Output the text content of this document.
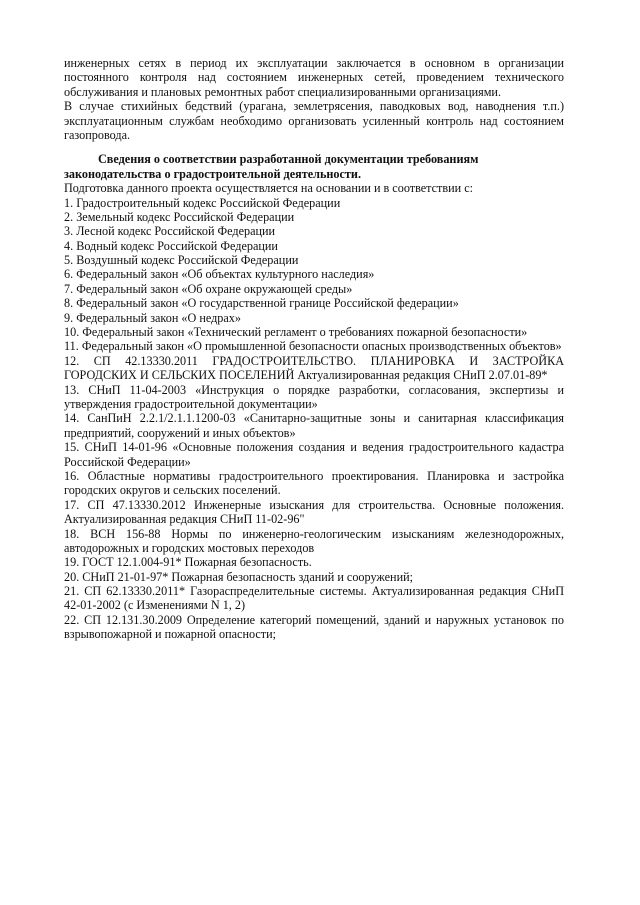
инженерных сетях в период их эксплуатации заключается в основном в организации постоянного контроля над состоянием инженерных сетей, проведением технического обслуживания и плановых ремонтных работ специализированными организациями.

В случае стихийных бедствий (урагана, землетрясения, паводковых вод, наводнения т.п.) эксплуатационным службам необходимо организовать усиленный контроль над состоянием газопровода.

Сведения о соответствии разработанной документации требованиям законодательства о градостроительной деятельности.

Подготовка данного проекта осуществляется на основании и в соответствии с:

1. Градостроительный кодекс Российской Федерации
2. Земельный кодекс Российской Федерации
3. Лесной кодекс Российской Федерации
4. Водный кодекс Российской Федерации
5. Воздушный кодекс Российской Федерации
6. Федеральный закон «Об объектах культурного наследия»
7. Федеральный закон «Об охране окружающей среды»
8. Федеральный закон «О государственной границе Российской федерации»
9. Федеральный закон «О недрах»
10. Федеральный закон «Технический регламент о требованиях пожарной безопасности»
11. Федеральный закон «О промышленной безопасности опасных производственных объектов»
12. СП 42.13330.2011 ГРАДОСТРОИТЕЛЬСТВО. ПЛАНИРОВКА И ЗАСТРОЙКА ГОРОДСКИХ И СЕЛЬСКИХ ПОСЕЛЕНИЙ Актуализированная редакция СНиП 2.07.01-89*
13. СНиП 11-04-2003 «Инструкция о порядке разработки, согласования, экспертизы и утверждения градостроительной документации»
14. СанПиН 2.2.1/2.1.1.1200-03 «Санитарно-защитные зоны и санитарная классификация предприятий, сооружений и иных объектов»
15. СНиП 14-01-96 «Основные положения создания и ведения градостроительного кадастра Российской Федерации»
16. Областные нормативы градостроительного проектирования. Планировка и застройка городских округов и сельских поселений.
17. СП 47.13330.2012 Инженерные изыскания для строительства. Основные положения. Актуализированная редакция СНиП 11-02-96"
18. ВСН 156-88 Нормы по инженерно-геологическим изысканиям железнодорожных, автодорожных и городских мостовых переходов
19. ГОСТ 12.1.004-91* Пожарная безопасность.
20. СНиП 21-01-97* Пожарная безопасность зданий и сооружений;
21. СП 62.13330.2011* Газораспределительные системы. Актуализированная редакция СНиП 42-01-2002 (с Изменениями N 1, 2)
22. СП 12.131.30.2009 Определение категорий помещений, зданий и наружных установок по взрывопожарной и пожарной опасности;
